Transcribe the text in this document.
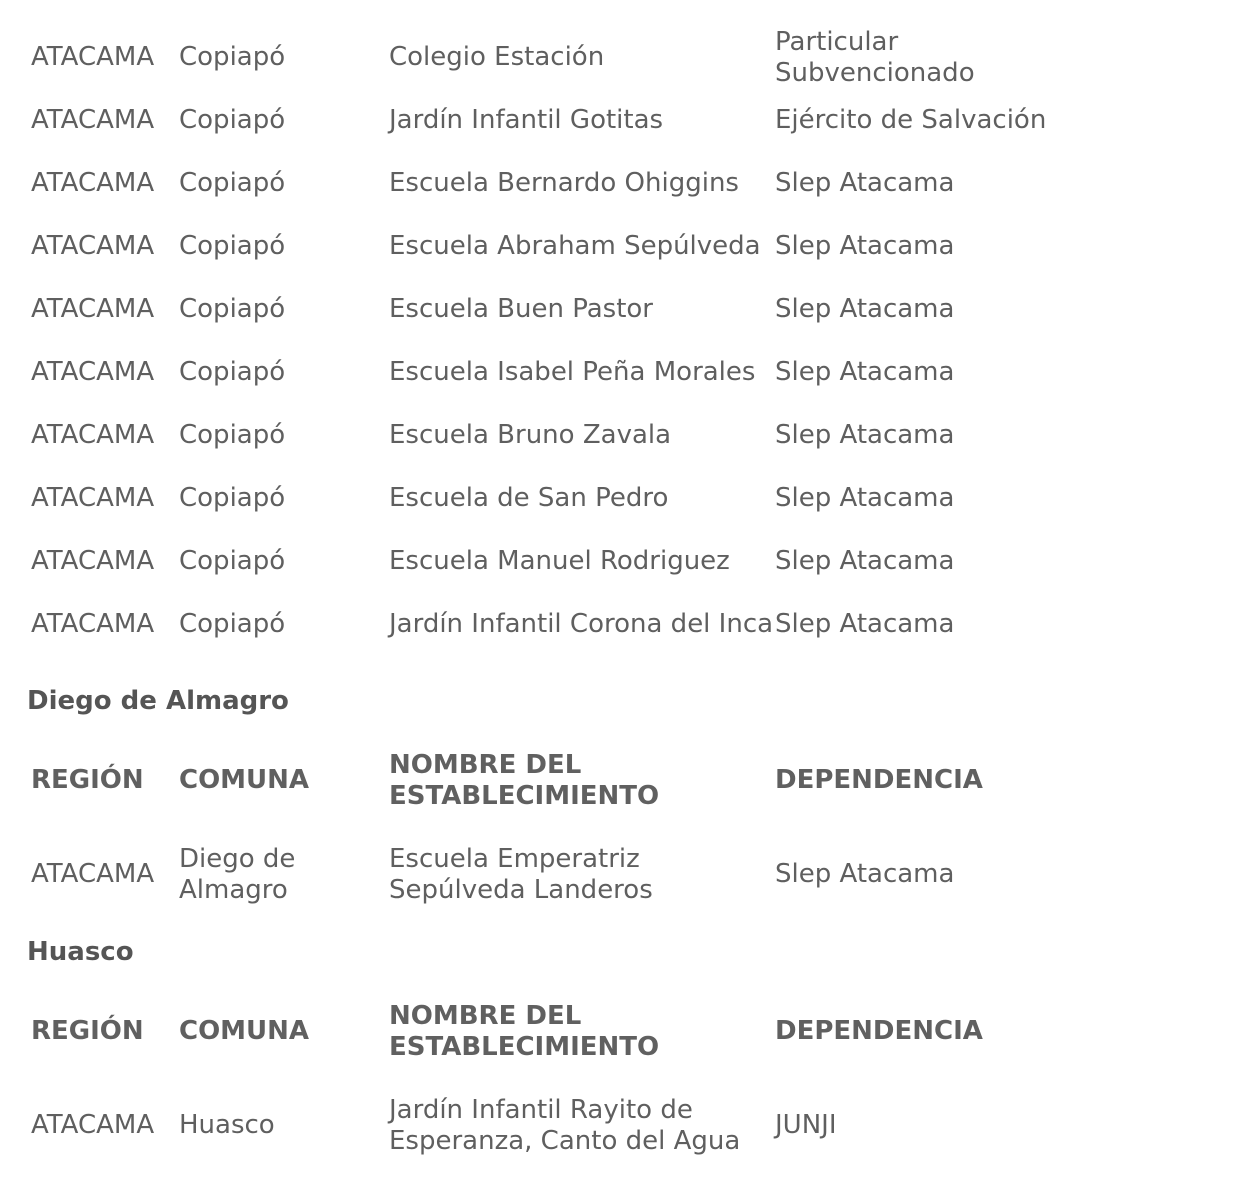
ATACAMA	Copiapó	Colegio Estación	Particular Subvencionado
ATACAMA	Copiapó	Jardín Infantil Gotitas	Ejército de Salvación
ATACAMA	Copiapó	Escuela Bernardo Ohiggins	Slep Atacama
ATACAMA	Copiapó	Escuela Abraham Sepúlveda	Slep Atacama
ATACAMA	Copiapó	Escuela Buen Pastor	Slep Atacama
ATACAMA	Copiapó	Escuela Isabel Peña Morales	Slep Atacama
ATACAMA	Copiapó	Escuela Bruno Zavala	Slep Atacama
ATACAMA	Copiapó	Escuela de San Pedro	Slep Atacama
ATACAMA	Copiapó	Escuela Manuel Rodriguez	Slep Atacama
ATACAMA	Copiapó	Jardín Infantil Corona del Inca	Slep Atacama
Diego de Almagro
REGIÓN	COMUNA	NOMBRE DEL ESTABLECIMIENTO	DEPENDENCIA
ATACAMA	Diego de Almagro	Escuela Emperatriz Sepúlveda Landeros	Slep Atacama
Huasco
REGIÓN	COMUNA	NOMBRE DEL ESTABLECIMIENTO	DEPENDENCIA
ATACAMA	Huasco	Jardín Infantil Rayito de Esperanza, Canto del Agua	JUNJI
